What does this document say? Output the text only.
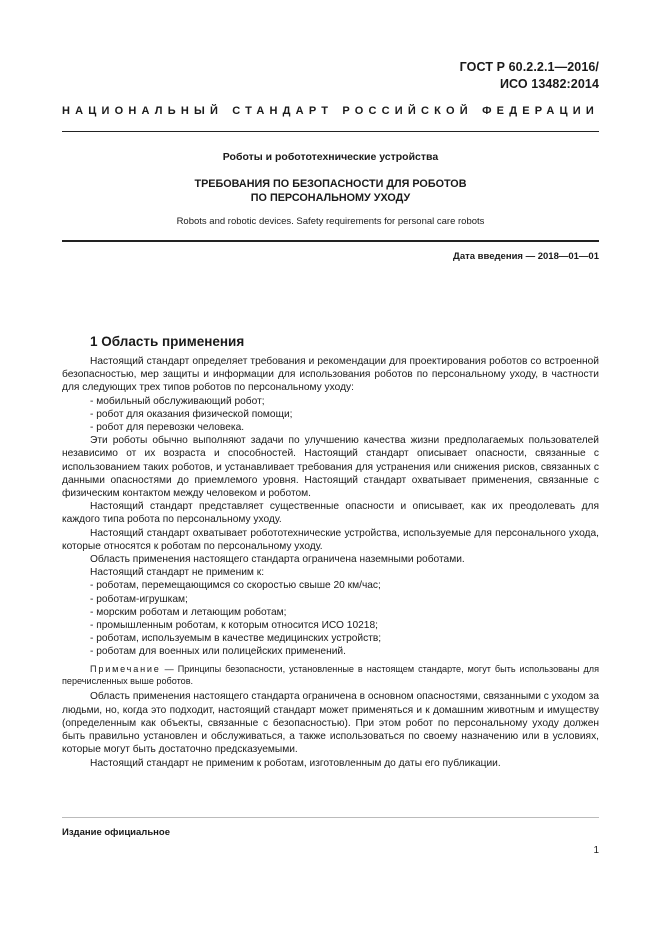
ГОСТ Р 60.2.2.1—2016/
ИСО 13482:2014
НАЦИОНАЛЬНЫЙ СТАНДАРТ РОССИЙСКОЙ ФЕДЕРАЦИИ
Роботы и робототехнические устройства
ТРЕБОВАНИЯ ПО БЕЗОПАСНОСТИ ДЛЯ РОБОТОВ
ПО ПЕРСОНАЛЬНОМУ УХОДУ
Robots and robotic devices. Safety requirements for personal care robots
Дата введения — 2018—01—01
1 Область применения
Настоящий стандарт определяет требования и рекомендации для проектирования роботов со встроенной безопасностью, мер защиты и информации для использования роботов по персональному уходу, в частности для следующих трех типов роботов по персональному уходу:
- мобильный обслуживающий робот;
- робот для оказания физической помощи;
- робот для перевозки человека.
Эти роботы обычно выполняют задачи по улучшению качества жизни предполагаемых пользователей независимо от их возраста и способностей. Настоящий стандарт описывает опасности, связанные с использованием таких роботов, и устанавливает требования для устранения или снижения рисков, связанных с данными опасностями до приемлемого уровня. Настоящий стандарт охватывает применения, связанные с физическим контактом между человеком и роботом.
Настоящий стандарт представляет существенные опасности и описывает, как их преодолевать для каждого типа робота по персональному уходу.
Настоящий стандарт охватывает робототехнические устройства, используемые для персонального ухода, которые относятся к роботам по персональному уходу.
Область применения настоящего стандарта ограничена наземными роботами.
Настоящий стандарт не применим к:
- роботам, перемещающимся со скоростью свыше 20 км/час;
- роботам-игрушкам;
- морским роботам и летающим роботам;
- промышленным роботам, к которым относится ИСО 10218;
- роботам, используемым в качестве медицинских устройств;
- роботам для военных или полицейских применений.
Примечание — Принципы безопасности, установленные в настоящем стандарте, могут быть использованы для перечисленных выше роботов.
Область применения настоящего стандарта ограничена в основном опасностями, связанными с уходом за людьми, но, когда это подходит, настоящий стандарт может применяться и к домашним животным и имуществу (определенным как объекты, связанные с безопасностью). При этом робот по персональному уходу должен быть правильно установлен и обслуживаться, а также использоваться по своему назначению или в условиях, которые могут быть достаточно предсказуемыми.
Настоящий стандарт не применим к роботам, изготовленным до даты его публикации.
Издание официальное
1
